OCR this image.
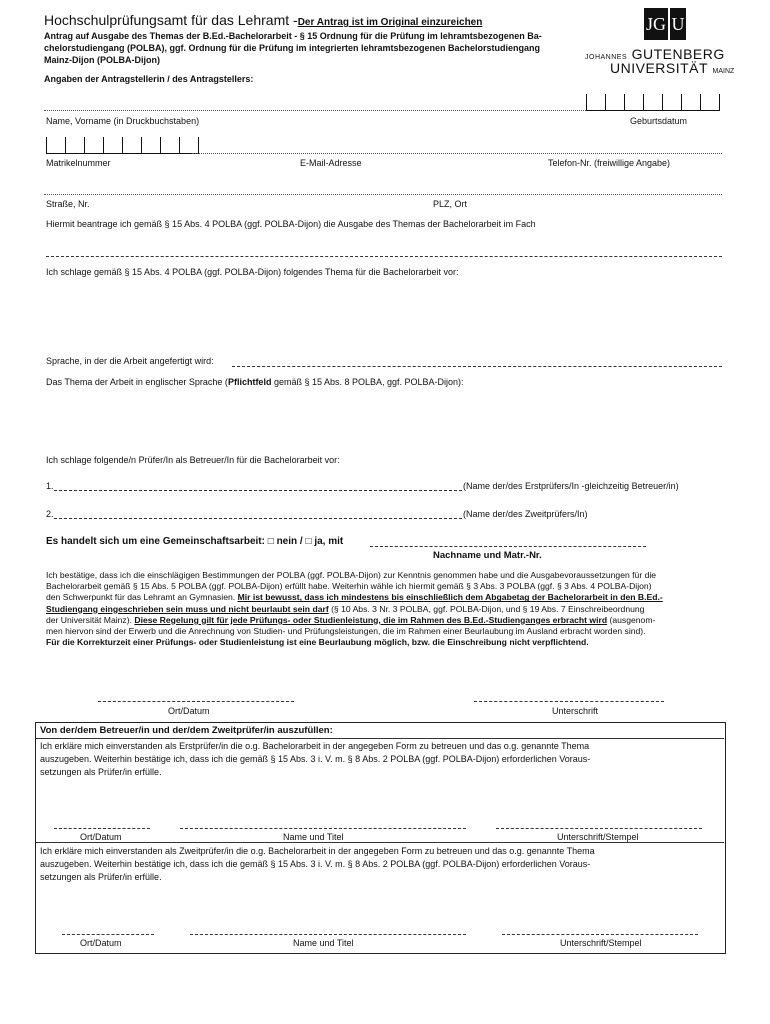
Hochschulprüfungsamt für das Lehramt -Der Antrag ist im Original einzureichen
Antrag auf Ausgabe des Themas der B.Ed.-Bachelorarbeit - § 15 Ordnung für die Prüfung im lehramtsbezogenen Ba-
chelorstudiengang (POLBA), ggf. Ordnung für die Prüfung im integrierten lehramtsbezogenen Bachelorstudiengang
Mainz-Dijon (POLBA-Dijon)
Angaben der Antragstellerin / des Antragstellers:
JG U
JOHANNES GUTENBERG
UNIVERSITÄT MAINZ
Name, Vorname (in Druckbuchstaben)	Geburtsdatum
Matrikelnummer	E-Mail-Adresse	Telefon-Nr. (freiwillige Angabe)
Straße, Nr.	PLZ, Ort
Hiermit beantrage ich gemäß § 15 Abs. 4 POLBA (ggf. POLBA-Dijon) die Ausgabe des Themas der Bachelorarbeit im Fach
Ich schlage gemäß § 15 Abs. 4 POLBA (ggf. POLBA-Dijon) folgendes Thema für die Bachelorarbeit vor:
Sprache, in der die Arbeit angefertigt wird:
Das Thema der Arbeit in englischer Sprache (Pflichtfeld gemäß § 15 Abs. 8 POLBA, ggf. POLBA-Dijon):
Ich schlage folgende/n Prüfer/In als Betreuer/In für die Bachelorarbeit vor:
1.	(Name der/des Erstprüfers/In -gleichzeitig Betreuer/in)
2.	(Name der/des Zweitprüfers/In)
Es handelt sich um eine Gemeinschaftsarbeit: □ nein / □ ja, mit
Nachname und Matr.-Nr.
Ich bestätige, dass ich die einschlägigen Bestimmungen der POLBA (ggf. POLBA-Dijon) zur Kenntnis genommen habe und die Ausgabevoraussetzungen für die
Bachelorarbeit gemäß § 15 Abs. 5 POLBA (ggf. POLBA-Dijon) erfüllt habe. Weiterhin wähle ich hiermit gemäß § 3 Abs. 3 POLBA (ggf. § 3 Abs. 4 POLBA-Dijon)
den Schwerpunkt für das Lehramt an Gymnasien. Mir ist bewusst, dass ich mindestens bis einschließlich dem Abgabetag der Bachelorarbeit in den B.Ed.-
Studiengang eingeschrieben sein muss und nicht beurlaubt sein darf (§ 10 Abs. 3 Nr. 3 POLBA, ggf. POLBA-Dijon, und § 19 Abs. 7 Einschreibeordnung
der Universität Mainz). Diese Regelung gilt für jede Prüfungs- oder Studienleistung, die im Rahmen des B.Ed.-Studienganges erbracht wird (ausgenom-
men hiervon sind der Erwerb und die Anrechnung von Studien- und Prüfungsleistungen, die im Rahmen einer Beurlaubung im Ausland erbracht worden sind).
Für die Korrekturzeit einer Prüfungs- oder Studienleistung ist eine Beurlaubung möglich, bzw. die Einschreibung nicht verpflichtend.
Ort/Datum	Unterschrift
Von der/dem Betreuer/in und der/dem Zweitprüfer/in auszufüllen:
Ich erkläre mich einverstanden als Erstprüfer/in die o.g. Bachelorarbeit in der angegeben Form zu betreuen und das o.g. genannte Thema
auszugeben. Weiterhin bestätige ich, dass ich die gemäß § 15 Abs. 3 i. V. m. § 8 Abs. 2 POLBA (ggf. POLBA-Dijon) erforderlichen Voraus-
setzungen als Prüfer/in erfülle.
Ort/Datum	Name und Titel	Unterschrift/Stempel
Ich erkläre mich einverstanden als Zweitprüfer/in die o.g. Bachelorarbeit in der angegeben Form zu betreuen und das o.g. genannte Thema
auszugeben. Weiterhin bestätige ich, dass ich die gemäß § 15 Abs. 3 i. V. m. § 8 Abs. 2 POLBA (ggf. POLBA-Dijon) erforderlichen Voraus-
setzungen als Prüfer/in erfülle.
Ort/Datum	Name und Titel	Unterschrift/Stempel
